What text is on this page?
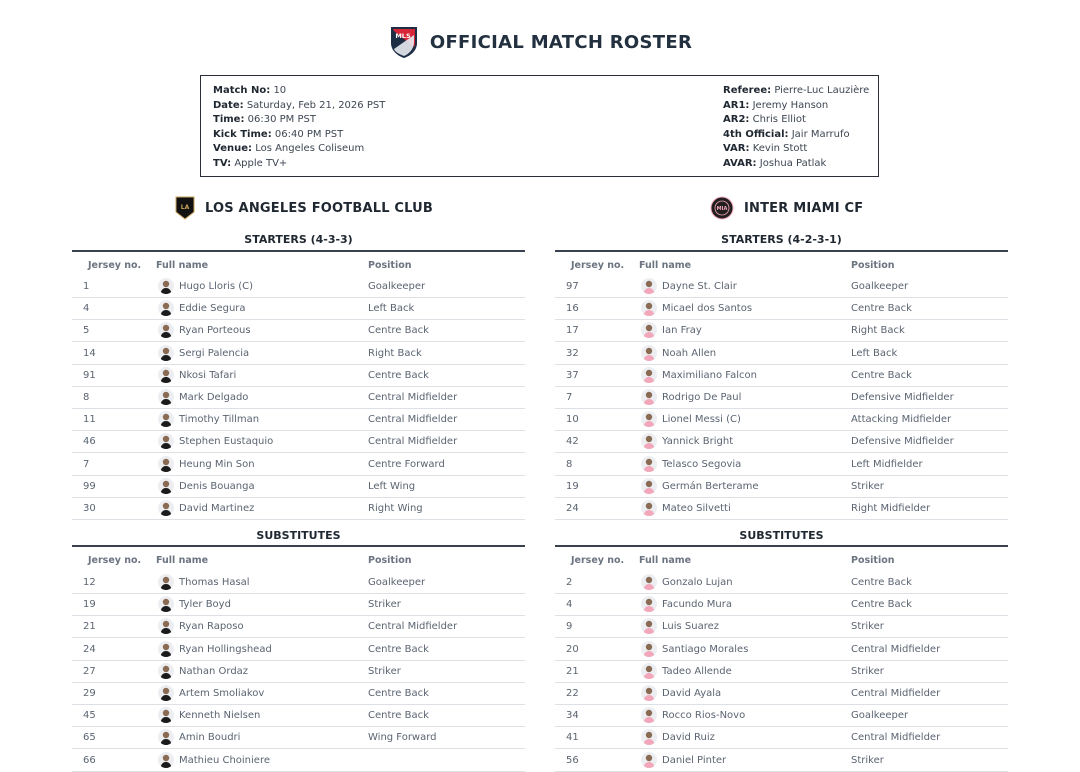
MLS OFFICIAL MATCH ROSTER
Match No: 10
Date: Saturday, Feb 21, 2026 PST
Time: 06:30 PM PST
Kick Time: 06:40 PM PST
Venue: Los Angeles Coliseum
TV: Apple TV+
Referee: Pierre-Luc Lauzière
AR1: Jeremy Hanson
AR2: Chris Elliot
4th Official: Jair Marrufo
VAR: Kevin Stott
AVAR: Joshua Patlak
LA LOS ANGELES FOOTBALL CLUB	MIA INTER MIAMI CF
STARTERS (4-3-3)	STARTERS (4-2-3-1)
SUBSTITUTES	SUBSTITUTES
Jersey no. Full name	Position	Jersey no. Full name	Position
Jersey no. Full name	Position	Jersey no. Full name	Position
1	Hugo Lloris (C)	Goalkeeper
4	Eddie Segura	Left Back
5	Ryan Porteous	Centre Back
14	Sergi Palencia	Right Back
91	Nkosi Tafari	Centre Back
8	Mark Delgado	Central Midfielder
11	Timothy Tillman	Central Midfielder
46	Stephen Eustaquio	Central Midfielder
7	Heung Min Son	Centre Forward
99	Denis Bouanga	Left Wing
30	David Martinez	Right Wing
97	Dayne St. Clair	Goalkeeper
16	Micael dos Santos	Centre Back
17	Ian Fray	Right Back
32	Noah Allen	Left Back
37	Maximiliano Falcon	Centre Back
7	Rodrigo De Paul	Defensive Midfielder
10	Lionel Messi (C)	Attacking Midfielder
42	Yannick Bright	Defensive Midfielder
8	Telasco Segovia	Left Midfielder
19	Germán Berterame	Striker
24	Mateo Silvetti	Right Midfielder
12	Thomas Hasal	Goalkeeper
19	Tyler Boyd	Striker
21	Ryan Raposo	Central Midfielder
24	Ryan Hollingshead	Centre Back
27	Nathan Ordaz	Striker
29	Artem Smoliakov	Centre Back
45	Kenneth Nielsen	Centre Back
65	Amin Boudri	Wing Forward
66	Mathieu Choiniere
2	Gonzalo Lujan	Centre Back
4	Facundo Mura	Centre Back
9	Luis Suarez	Striker
20	Santiago Morales	Central Midfielder
21	Tadeo Allende	Striker
22	David Ayala	Central Midfielder
34	Rocco Rios-Novo	Goalkeeper
41	David Ruiz	Central Midfielder
56	Daniel Pinter	Striker
